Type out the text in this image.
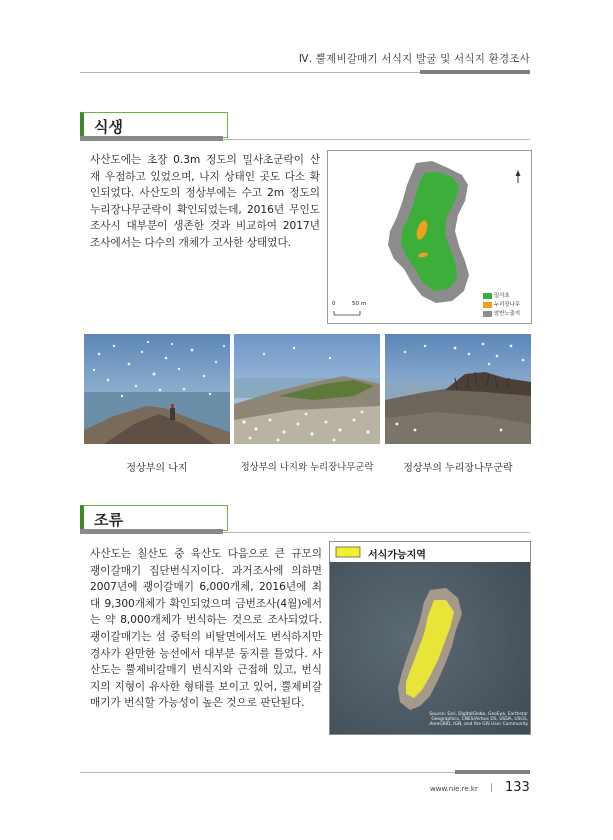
Ⅳ. 뿔제비갈매기 서식지 발굴 및 서식지 환경조사
식생
사산도에는 초장 0.3m 정도의 밀사초군락이 산
재 우점하고 있었으며, 나지 상태인 곳도 다소 확
인되었다. 사산도의 정상부에는 수고 2m 정도의
누리장나무군락이 확인되었는데, 2016년 무인도
조사시 대부분이 생존한 것과 비교하여 2017년
조사에서는 다수의 개체가 고사한 상태였다.
0	50 m
밀사초
누리장나무
암반노출지
정상부의 나지	정상부의 나지와 누리장나무군락	정상부의 누리장나무군락
조류
사산도는 칠산도 중 육산도 다음으로 큰 규모의
괭이갈매기 집단번식지이다. 과거조사에 의하면
2007년에 괭이갈매기 6,000개체, 2016년에 최
대 9,300개체가 확인되었으며 금번조사(4월)에서
는 약 8,000개체가 번식하는 것으로 조사되었다.
괭이갈매기는 섬 중턱의 비탈면에서도 번식하지만
경사가 완만한 능선에서 대부분 둥지를 틀었다. 사
산도는 뿔제비갈매기 번식지와 근접해 있고, 번식
지의 지형이 유사한 형태를 보이고 있어, 뿔제비갈
매기가 번식할 가능성이 높은 것으로 판단된다.
서식가능지역
Source: Esri, DigitalGlobe, GeoEye, Earthstar
Geographics, CNES/Airbus DS, USDA, USGS,
AeroGRID, IGN, and the GIS User Community
www.nie.re.kr | 133
